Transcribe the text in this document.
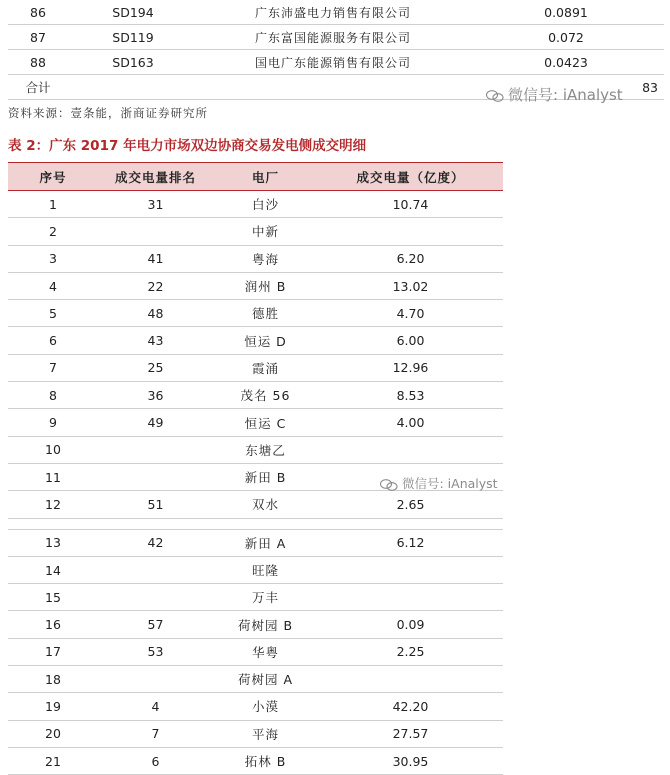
86	SD194	广东沛盛电力销售有限公司	0.0891
87	SD119	广东富国能源服务有限公司	0.072
88	SD163	国电广东能源销售有限公司	0.0423
合计			83
微信号: iAnalyst
资料来源：壹条能，浙商证券研究所
表 2：广东 2017 年电力市场双边协商交易发电侧成交明细
序号	成交电量排名	电厂	成交电量（亿度）
1	31	白沙	10.74
2		中新	
3	41	粤海	6.20
4	22	润州 B	13.02
5	48	德胜	4.70
6	43	恒运 D	6.00
7	25	霞涌	12.96
8	36	茂名 56	8.53
9	49	恒运 C	4.00
10		东塘乙	
11		新田 B	
12	51	双水	2.65

13	42	新田 A	6.12
14		旺隆	
15		万丰	
16	57	荷树园 B	0.09
17	53	华粤	2.25
18		荷树园 A	
19	4	小漠	42.20
20	7	平海	27.57
21	6	拓林 B	30.95
微信号: iAnalyst
